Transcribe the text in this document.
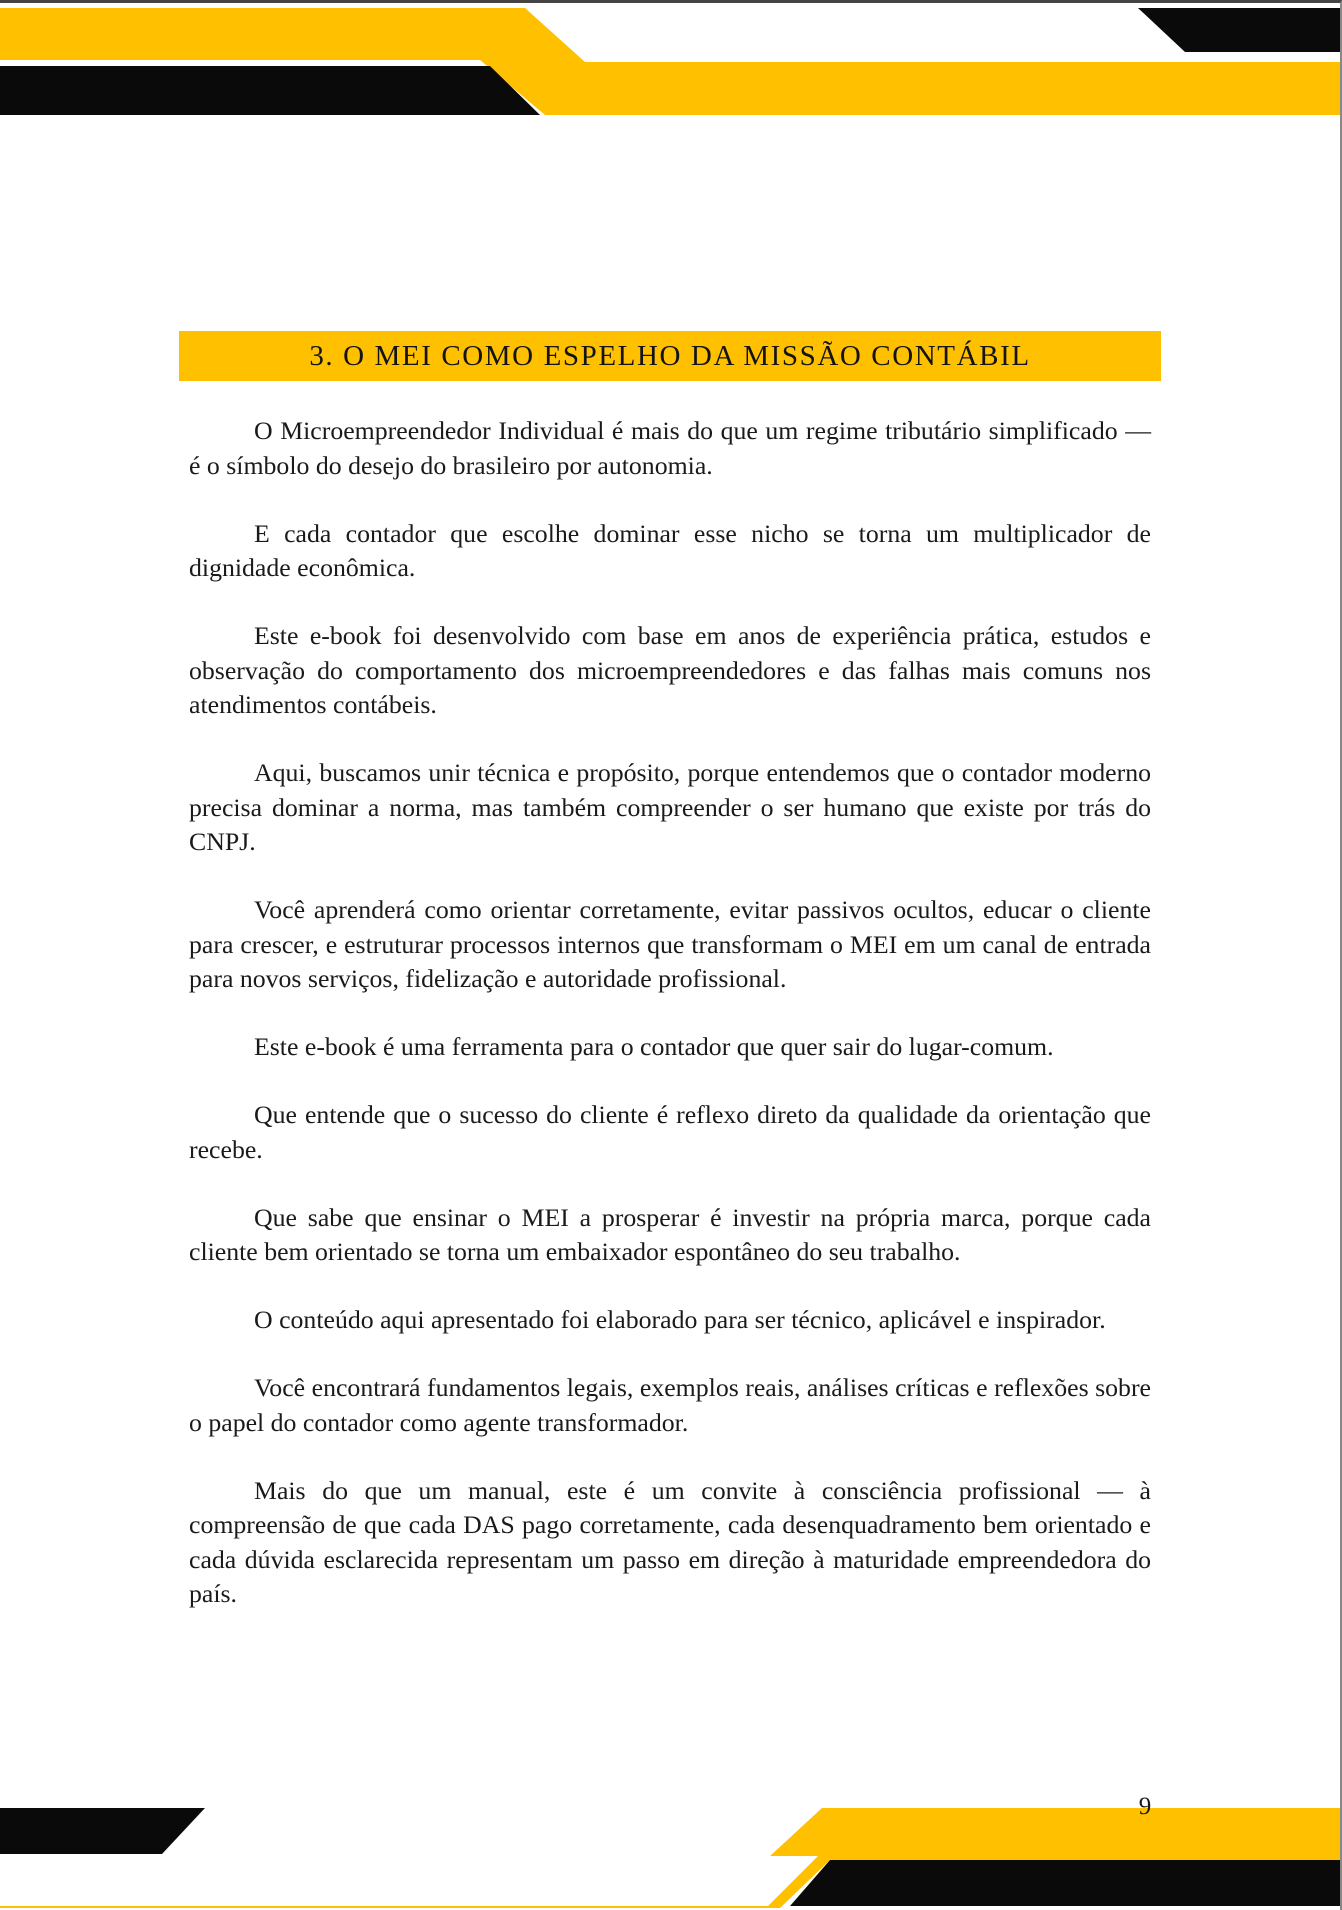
3. O MEI COMO ESPELHO DA MISSÃO CONTÁBIL

O Microempreendedor Individual é mais do que um regime tributário simplificado — é o símbolo do desejo do brasileiro por autonomia.

E cada contador que escolhe dominar esse nicho se torna um multiplicador de dignidade econômica.

Este e-book foi desenvolvido com base em anos de experiência prática, estudos e observação do comportamento dos microempreendedores e das falhas mais comuns nos atendimentos contábeis.

Aqui, buscamos unir técnica e propósito, porque entendemos que o contador moderno precisa dominar a norma, mas também compreender o ser humano que existe por trás do CNPJ.

Você aprenderá como orientar corretamente, evitar passivos ocultos, educar o cliente para crescer, e estruturar processos internos que transformam o MEI em um canal de entrada para novos serviços, fidelização e autoridade profissional.

Este e-book é uma ferramenta para o contador que quer sair do lugar-comum.

Que entende que o sucesso do cliente é reflexo direto da qualidade da orientação que recebe.

Que sabe que ensinar o MEI a prosperar é investir na própria marca, porque cada cliente bem orientado se torna um embaixador espontâneo do seu trabalho.

O conteúdo aqui apresentado foi elaborado para ser técnico, aplicável e inspirador.

Você encontrará fundamentos legais, exemplos reais, análises críticas e reflexões sobre o papel do contador como agente transformador.

Mais do que um manual, este é um convite à consciência profissional — à compreensão de que cada DAS pago corretamente, cada desenquadramento bem orientado e cada dúvida esclarecida representam um passo em direção à maturidade empreendedora do país.

9
